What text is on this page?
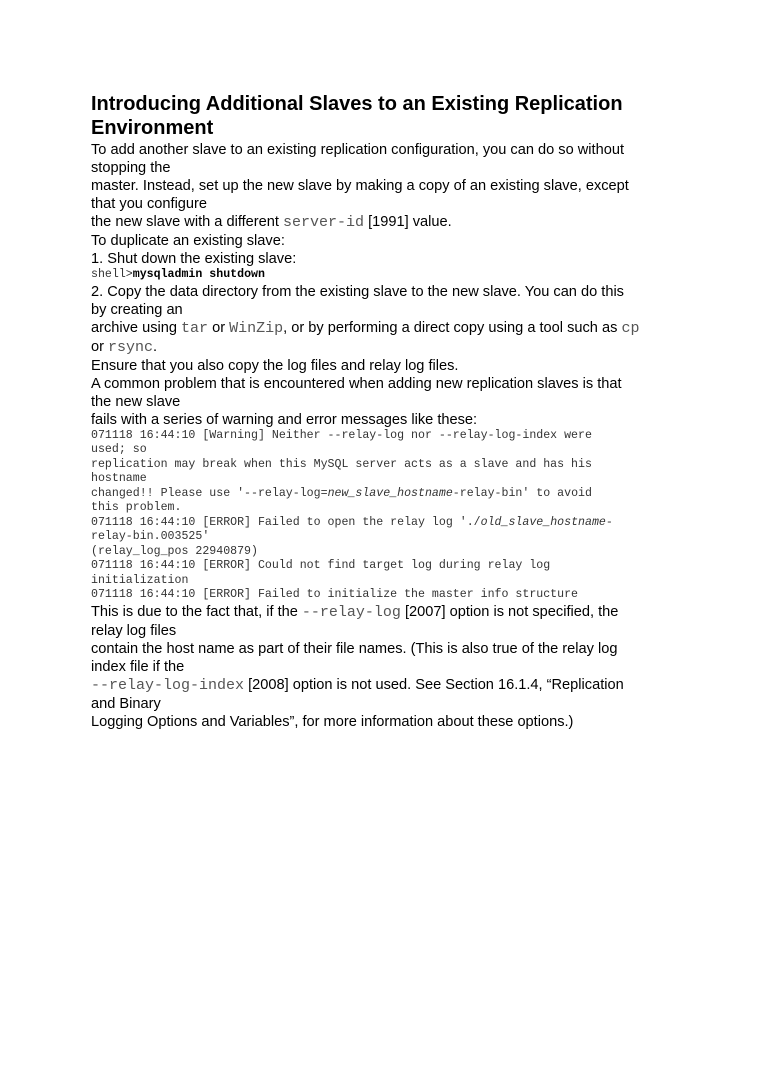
Introducing Additional Slaves to an Existing Replication Environment
To add another slave to an existing replication configuration, you can do so without
stopping the
master. Instead, set up the new slave by making a copy of an existing slave, except
that you configure
the new slave with a different server-id [1991] value.
To duplicate an existing slave:
1. Shut down the existing slave:
shell>mysqladmin shutdown
2. Copy the data directory from the existing slave to the new slave. You can do this
by creating an
archive using tar or WinZip, or by performing a direct copy using a tool such as cp
or rsync.
Ensure that you also copy the log files and relay log files.
A common problem that is encountered when adding new replication slaves is that
the new slave
fails with a series of warning and error messages like these:
071118 16:44:10 [Warning] Neither --relay-log nor --relay-log-index were
used; so
replication may break when this MySQL server acts as a slave and has his
hostname
changed!! Please use '--relay-log=new_slave_hostname-relay-bin' to avoid
this problem.
071118 16:44:10 [ERROR] Failed to open the relay log './old_slave_hostname-
relay-bin.003525'
(relay_log_pos 22940879)
071118 16:44:10 [ERROR] Could not find target log during relay log
initialization
071118 16:44:10 [ERROR] Failed to initialize the master info structure
This is due to the fact that, if the --relay-log [2007] option is not specified, the
relay log files
contain the host name as part of their file names. (This is also true of the relay log
index file if the
--relay-log-index [2008] option is not used. See Section 16.1.4, “Replication
and Binary
Logging Options and Variables”, for more information about these options.)
